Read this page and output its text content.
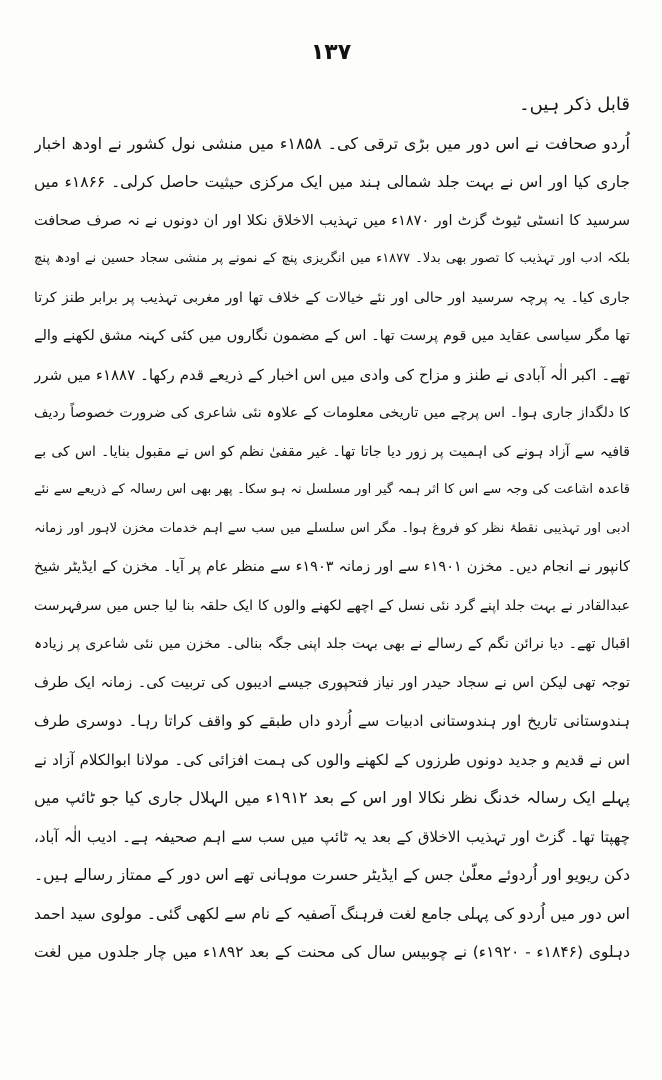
١٣٧
قابل ذکر ہیں۔
اُردو صحافت نے اس دور میں بڑی ترقی کی۔ ۱۸۵۸ء میں منشی نول کشور نے اودھ اخبار
جاری کیا اور اس نے بہت جلد شمالی ہند میں ایک مرکزی حیثیت حاصل کرلی۔ ۱۸۶۶ء میں
سرسید کا انسٹی ٹیوٹ گزٹ اور ۱۸۷۰ء میں تہذیب الاخلاق نکلا اور ان دونوں نے نہ صرف صحافت
بلکہ ادب اور تہذیب کا تصور بھی بدلا۔ ۱۸۷۷ء میں انگریزی پنچ کے نمونے پر منشی سجاد حسین نے اودھ پنچ
جاری کیا۔ یہ پرچہ سرسید اور حالی اور نئے خیالات کے خلاف تھا اور مغربی تہذیب پر برابر طنز کرتا
تھا مگر سیاسی عقاید میں قوم پرست تھا۔ اس کے مضمون نگاروں میں کئی کہنہ مشق لکھنے والے
تھے۔ اکبر الٰہ آبادی نے طنز و مزاح کی وادی میں اس اخبار کے ذریعے قدم رکھا۔ ۱۸۸۷ء میں شرر
کا دلگداز جاری ہوا۔ اس پرچے میں تاریخی معلومات کے علاوہ نئی شاعری کی ضرورت خصوصاً ردیف
قافیہ سے آزاد ہونے کی اہمیت پر زور دیا جاتا تھا۔ غیر مقفیٰ نظم کو اس نے مقبول بنایا۔ اس کی بے
قاعدہ اشاعت کی وجہ سے اس کا اثر ہمہ گیر اور مسلسل نہ ہو سکا۔ پھر بھی اس رسالہ کے ذریعے سے نئے
ادبی اور تہذیبی نقطۂ نظر کو فروغ ہوا۔ مگر اس سلسلے میں سب سے اہم خدمات مخزن لاہور اور زمانہ
کانپور نے انجام دیں۔ مخزن ۱۹۰۱ء سے اور زمانہ ۱۹۰۳ء سے منظر عام پر آیا۔ مخزن کے ایڈیٹر شیخ
عبدالقادر نے بہت جلد اپنے گرد نئی نسل کے اچھے لکھنے والوں کا ایک حلقہ بنا لیا جس میں سرفہرست
اقبال تھے۔ دیا نرائن نگم کے رسالے نے بھی بہت جلد اپنی جگہ بنالی۔ مخزن میں نئی شاعری پر زیادہ
توجہ تھی لیکن اس نے سجاد حیدر اور نیاز فتحپوری جیسے ادیبوں کی تربیت کی۔ زمانہ ایک طرف
ہندوستانی تاریخ اور ہندوستانی ادبیات سے اُردو داں طبقے کو واقف کراتا رہا۔ دوسری طرف
اس نے قدیم و جدید دونوں طرزوں کے لکھنے والوں کی ہمت افزائی کی۔ مولانا ابوالکلام آزاد نے
پہلے ایک رسالہ خدنگ نظر نکالا اور اس کے بعد ۱۹۱۲ء میں الہلال جاری کیا جو ٹائپ میں
چھپتا تھا۔ گزٹ اور تہذیب الاخلاق کے بعد یہ ٹائپ میں سب سے اہم صحیفہ ہے۔ ادیب الٰہ آباد،
دکن ریویو اور اُردوئے معلّیٰ جس کے ایڈیٹر حسرت موہانی تھے اس دور کے ممتاز رسالے ہیں۔
اس دور میں اُردو کی پہلی جامع لغت فرہنگ آصفیہ کے نام سے لکھی گئی۔ مولوی سید احمد
دہلوی (۱۸۴۶ء - ۱۹۲۰ء) نے چوبیس سال کی محنت کے بعد ۱۸۹۲ء میں چار جلدوں میں لغت
